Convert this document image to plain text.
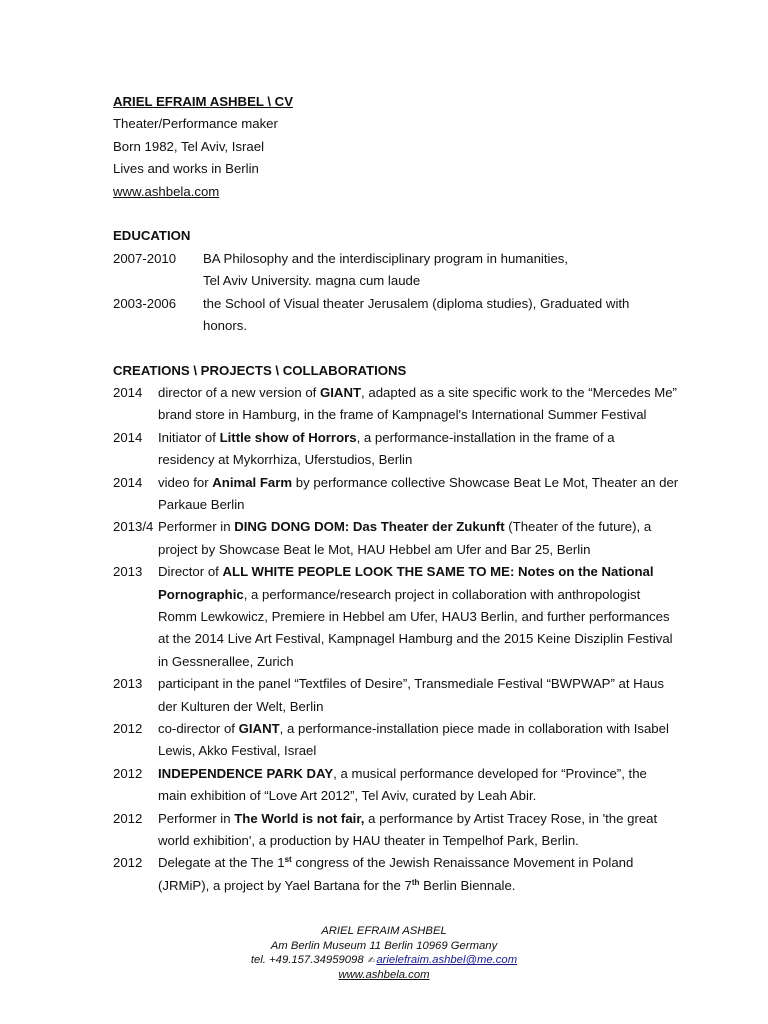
ARIEL EFRAIM ASHBEL \ CV
Theater/Performance maker
Born 1982, Tel Aviv, Israel
Lives and works in Berlin
www.ashbela.com
EDUCATION
2007-2010	BA Philosophy and the interdisciplinary program in humanities,
Tel Aviv University. magna cum laude
2003-2006	the School of Visual theater Jerusalem (diploma studies), Graduated with
honors.
CREATIONS \ PROJECTS \ COLLABORATIONS
2014	director of a new version of GIANT, adapted as a site specific work to the “Mercedes Me”
brand store in Hamburg, in the frame of Kampnagel's International Summer Festival
2014	Initiator of Little show of Horrors, a performance-installation in the frame of a
residency at Mykorrhiza, Uferstudios, Berlin
2014	video for Animal Farm by performance collective Showcase Beat Le Mot, Theater an der
Parkaue Berlin
2013/4 Performer in DING DONG DOM: Das Theater der Zukunft (Theater of the future), a
project by Showcase Beat le Mot, HAU Hebbel am Ufer and Bar 25, Berlin
2013	Director of ALL WHITE PEOPLE LOOK THE SAME TO ME: Notes on the National
Pornographic, a performance/research project in collaboration with anthropologist
Romm Lewkowicz, Premiere in Hebbel am Ufer, HAU3 Berlin, and further performances
at the 2014 Live Art Festival, Kampnagel Hamburg and the 2015 Keine Disziplin Festival
in Gessnerallee, Zurich
2013	participant in the panel “Textfiles of Desire”, Transmediale Festival “BWPWAP” at Haus
der Kulturen der Welt, Berlin
2012	co-director of GIANT, a performance-installation piece made in collaboration with Isabel
Lewis, Akko Festival, Israel
2012	INDEPENDENCE PARK DAY, a musical performance developed for “Province”, the
main exhibition of “Love Art 2012”, Tel Aviv, curated by Leah Abir.
2012	Performer in The World is not fair, a performance by Artist Tracey Rose, in 'the great
world exhibition', a production by HAU theater in Tempelhof Park, Berlin.
2012	Delegate at the The 1st congress of the Jewish Renaissance Movement in Poland
(JRMiP), a project by Yael Bartana for the 7th Berlin Biennale.
ARIEL EFRAIM ASHBEL
Am Berlin Museum 11 Berlin 10969 Germany
tel. +49.157.34959098 ✍arielefraim.ashbel@me.com
www.ashbela.com
